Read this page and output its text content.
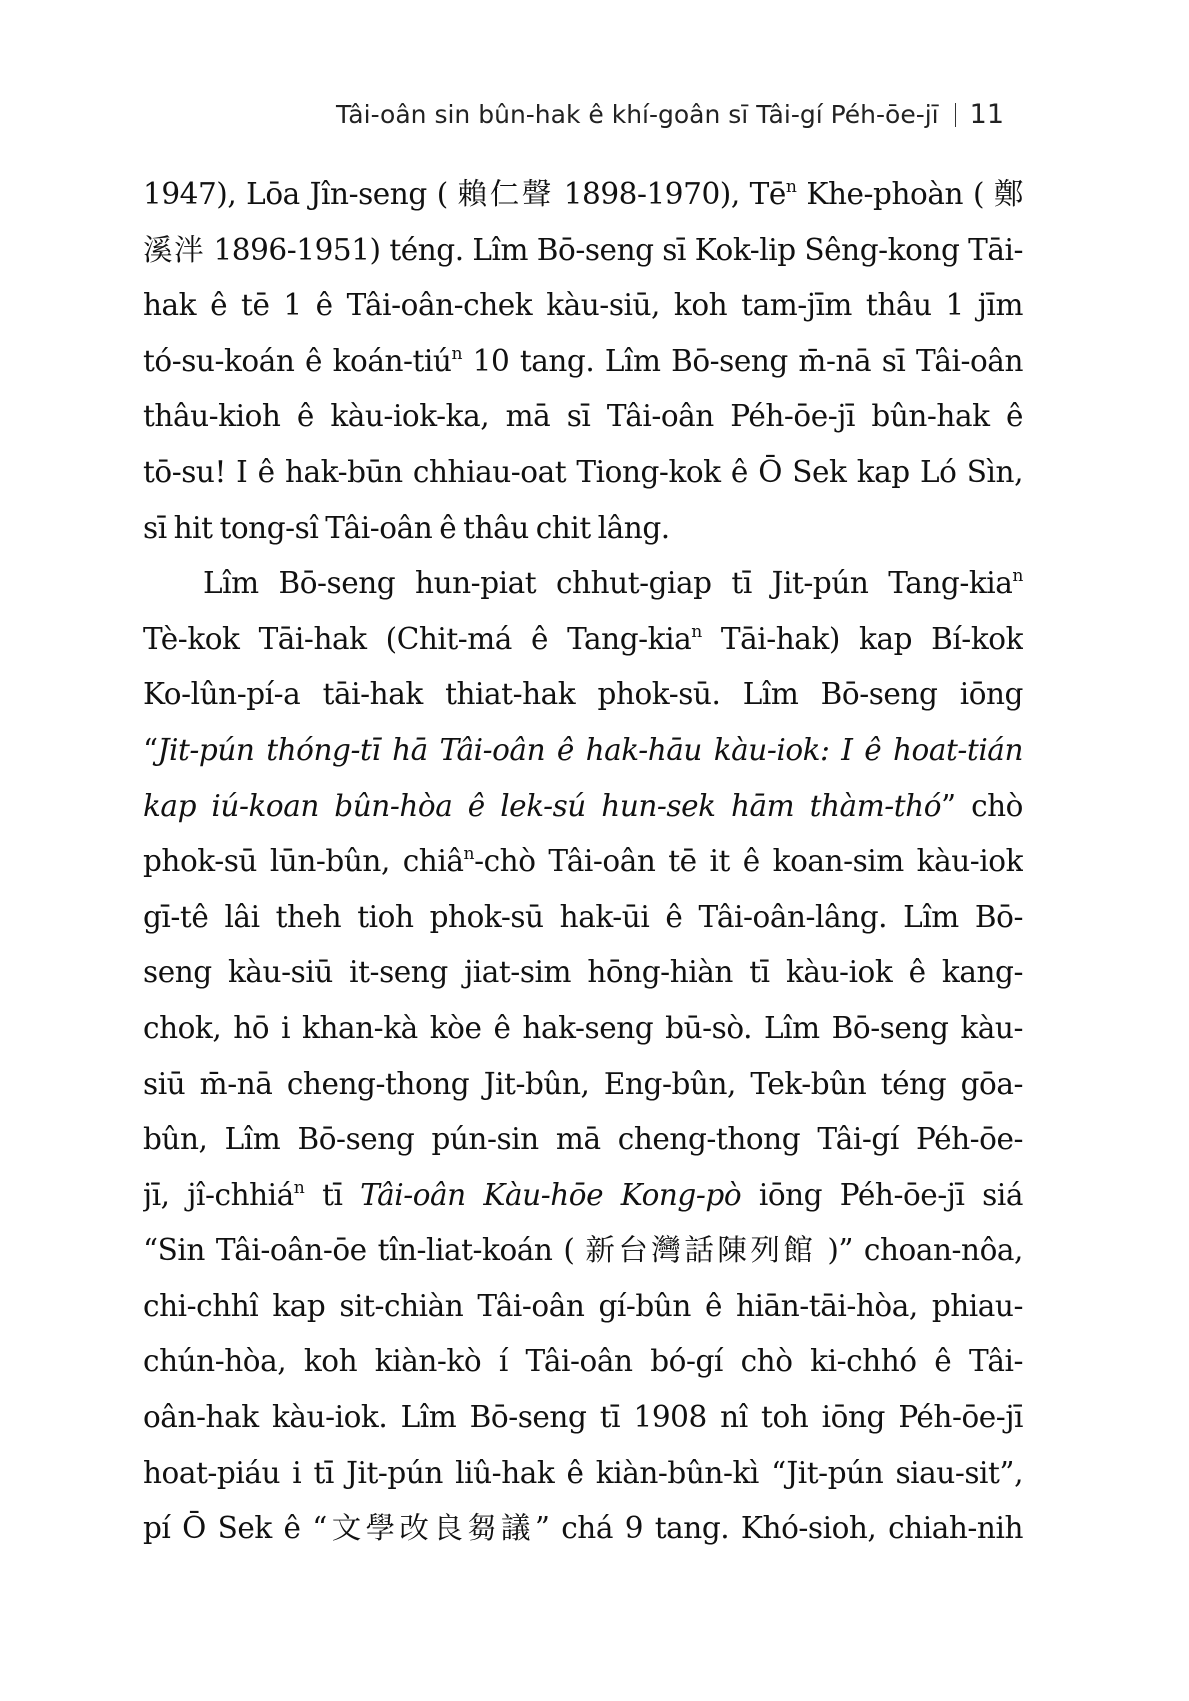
Tâi-oân sin bûn-hak ê khí-goân sī Tâi-gí Péh-ōe-jī 11

1947), Lōa Jîn-seng ( 賴仁聲 1898-1970), $Tē^n$ Khe-phoàn ( 鄭
溪泮 1896-1951) téng. Lîm Bō-seng sī Kok-lip Sêng-kong Tāi-
hak ê tē 1 ê Tâi-oân-chek kàu-siū, koh tam-jīm thâu 1 jīm
tó-su-koán ê koán-tiú$^n$ 10 tang. Lîm Bō-seng m̄-nā sī Tâi-oân
thâu-kioh ê kàu-iok-ka, mā sī Tâi-oân Péh-ōe-jī bûn-hak ê
tō-su! I ê hak-būn chhiau-oat Tiong-kok ê Ō Sek kap Ló Sìn,
sī hit tong-sî Tâi-oân ê thâu chit lâng.

Lîm Bō-seng hun-piat chhut-giap tī Jit-pún Tang-kia$^n$
Tè-kok Tāi-hak (Chit-má ê Tang-kia$^n$ Tāi-hak) kap Bí-kok
Ko-lûn-pí-a tāi-hak thiat-hak phok-sū. Lîm Bō-seng iōng
“Jit-pún thóng-tī hā Tâi-oân ê hak-hāu kàu-iok: I ê hoat-tián
kap iú-koan bûn-hòa ê lek-sú hun-sek hām thàm-thó” chò
phok-sū lūn-bûn, chiâ$^n$-chò Tâi-oân tē it ê koan-sim kàu-iok
gī-tê lâi theh tioh phok-sū hak-ūi ê Tâi-oân-lâng. Lîm Bō-
seng kàu-siū it-seng jiat-sim hōng-hiàn tī kàu-iok ê kang-
chok, hō i khan-kà kòe ê hak-seng bū-sò. Lîm Bō-seng kàu-
siū m̄-nā cheng-thong Jit-bûn, Eng-bûn, Tek-bûn téng gōa-
bûn, Lîm Bō-seng pún-sin mā cheng-thong Tâi-gí Péh-ōe-
jī, jî-chhiá$^n$ tī Tâi-oân Kàu-hōe Kong-pò iōng Péh-ōe-jī siá
“Sin Tâi-oân-ōe tîn-liat-koán ( 新台灣話陳列館 )” choan-nôa,
chi-chhî kap sit-chiàn Tâi-oân gí-bûn ê hiān-tāi-hòa, phiau-
chún-hòa, koh kiàn-kò í Tâi-oân bó-gí chò ki-chhó ê Tâi-
oân-hak kàu-iok. Lîm Bō-seng tī 1908 nî toh iōng Péh-ōe-jī
hoat-piáu i tī Jit-pún liû-hak ê kiàn-bûn-kì “Jit-pún siau-sit”,
pí Ō Sek ê “文學改良芻議” chá 9 tang. Khó-sioh, chiah-nih
